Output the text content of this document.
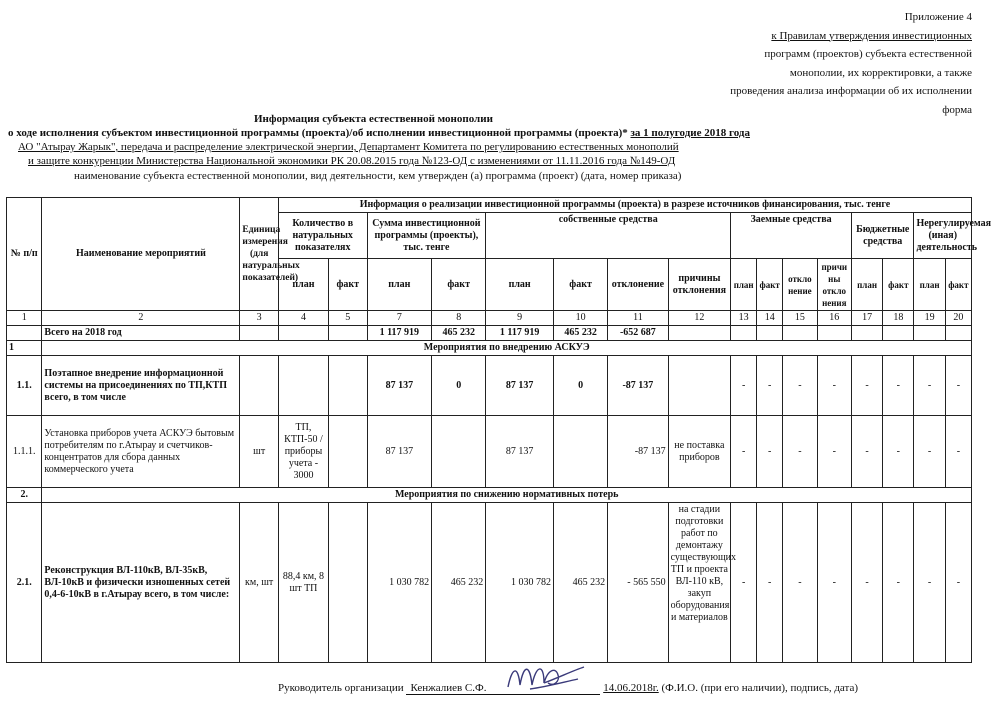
Приложение 4
к Правилам утверждения инвестиционных
программ (проектов) субъекта естественной
монополии, их корректировки, а также
проведения анализа информации об их исполнении
форма
Информация субъекта естественной монополии
о ходе исполнения субъектом инвестиционной программы (проекта)/об исполнении инвестиционной программы (проекта)* за 1 полугодие 2018 года
АО "Атырау Жарык", передача и распределение электрической энергии, Департамент Комитета по регулированию естественных монополий
и защите конкуренции Министерства Национальной экономики РК 20.08.2015 года №123-ОД с изменениями от 11.11.2016 года №149-ОД
наименование субъекта естественной монополии, вид деятельности, кем утвержден (а) программа (проект) (дата, номер приказа)
№ п/п	Наименование мероприятий	Единица измерения (для натуральных показателей)	Информация о реализации инвестиционной программы (проекта) в разрезе источников финансирования, тыс. тенге															
			Количество в натуральных показателях		Сумма инвестиционной программы (проекты), тыс. тенге		собственные средства				Заемные средства				Бюджетные средства		Нерегулируемая (иная) деятельность	
			план	факт	план	факт	план	факт	отклонение	причины отклонения	план	факт	откло нение	причи ны откло нения	план	факт	план	факт
1	2	3	4	5	7	8	9	10	11	12	13	14	15	16	17	18	19	20
	Всего на 2018 год				1 117 919	465 232	1 117 919	465 232	-652 687									
1	Мероприятия по внедрению АСКУЭ																	
1.1.	Поэтапное внедрение информационной системы на присоединениях по ТП,КТП всего, в том числе				87 137	0	87 137	0	-87 137		-	-	-	-	-	-	-	-
1.1.1.	Установка приборов учета АСКУЭ бытовым потребителям по г.Атырау и счетчиков-концентратов для сбора данных коммерческого учета	шт	ТП, КТП-50 / приборы учета - 3000		87 137		87 137		-87 137	не поставка приборов	-	-	-	-	-	-	-	-
2.	Мероприятия по снижению нормативных потерь																	
2.1.	Реконструкция ВЛ-110кВ, ВЛ-35кВ, ВЛ-10кВ и физически изношенных сетей 0,4-6-10кВ в г.Атырау всего, в том числе:	км, шт	88,4 км, 8 шт ТП		1 030 782	465 232	1 030 782	465 232	- 565 550	на стадии подготовки работ по демонтажу существующих ТП и проекта ВЛ-110 кВ, закуп оборудования и материалов	-	-	-	-	-	-	-	-
Руководитель организации Кенжалиев С.Ф.	14.06.2018г. (Ф.И.О. (при его наличии), подпись, дата)
